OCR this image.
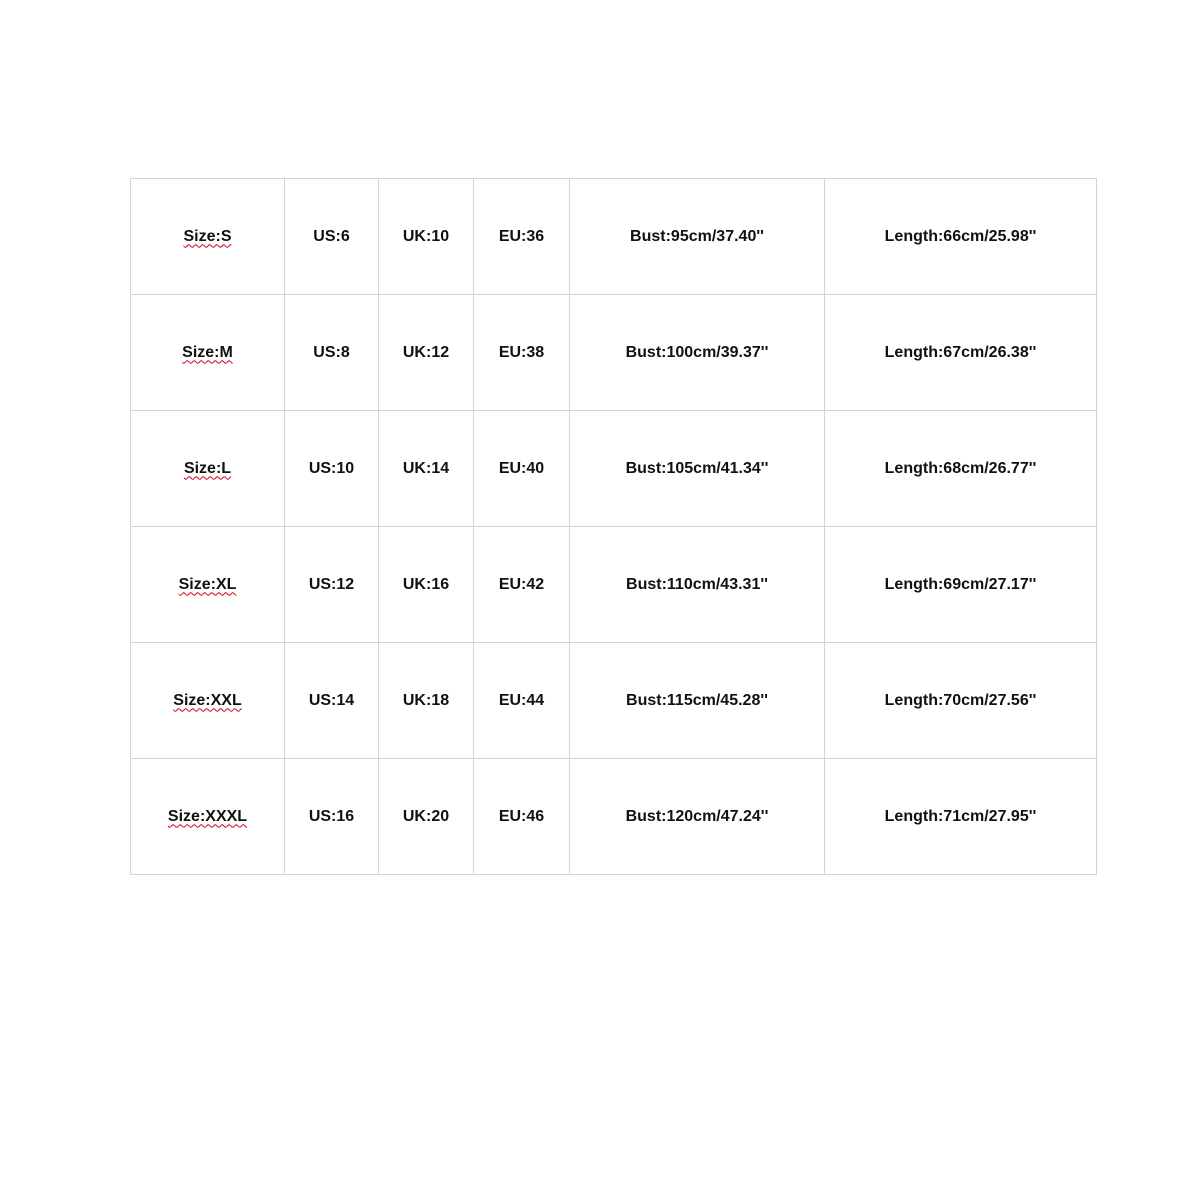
Size:S	US:6	UK:10	EU:36	Bust:95cm/37.40''	Length:66cm/25.98''
Size:M	US:8	UK:12	EU:38	Bust:100cm/39.37''	Length:67cm/26.38''
Size:L	US:10	UK:14	EU:40	Bust:105cm/41.34''	Length:68cm/26.77''
Size:XL	US:12	UK:16	EU:42	Bust:110cm/43.31''	Length:69cm/27.17''
Size:XXL	US:14	UK:18	EU:44	Bust:115cm/45.28''	Length:70cm/27.56''
Size:XXXL	US:16	UK:20	EU:46	Bust:120cm/47.24''	Length:71cm/27.95''
